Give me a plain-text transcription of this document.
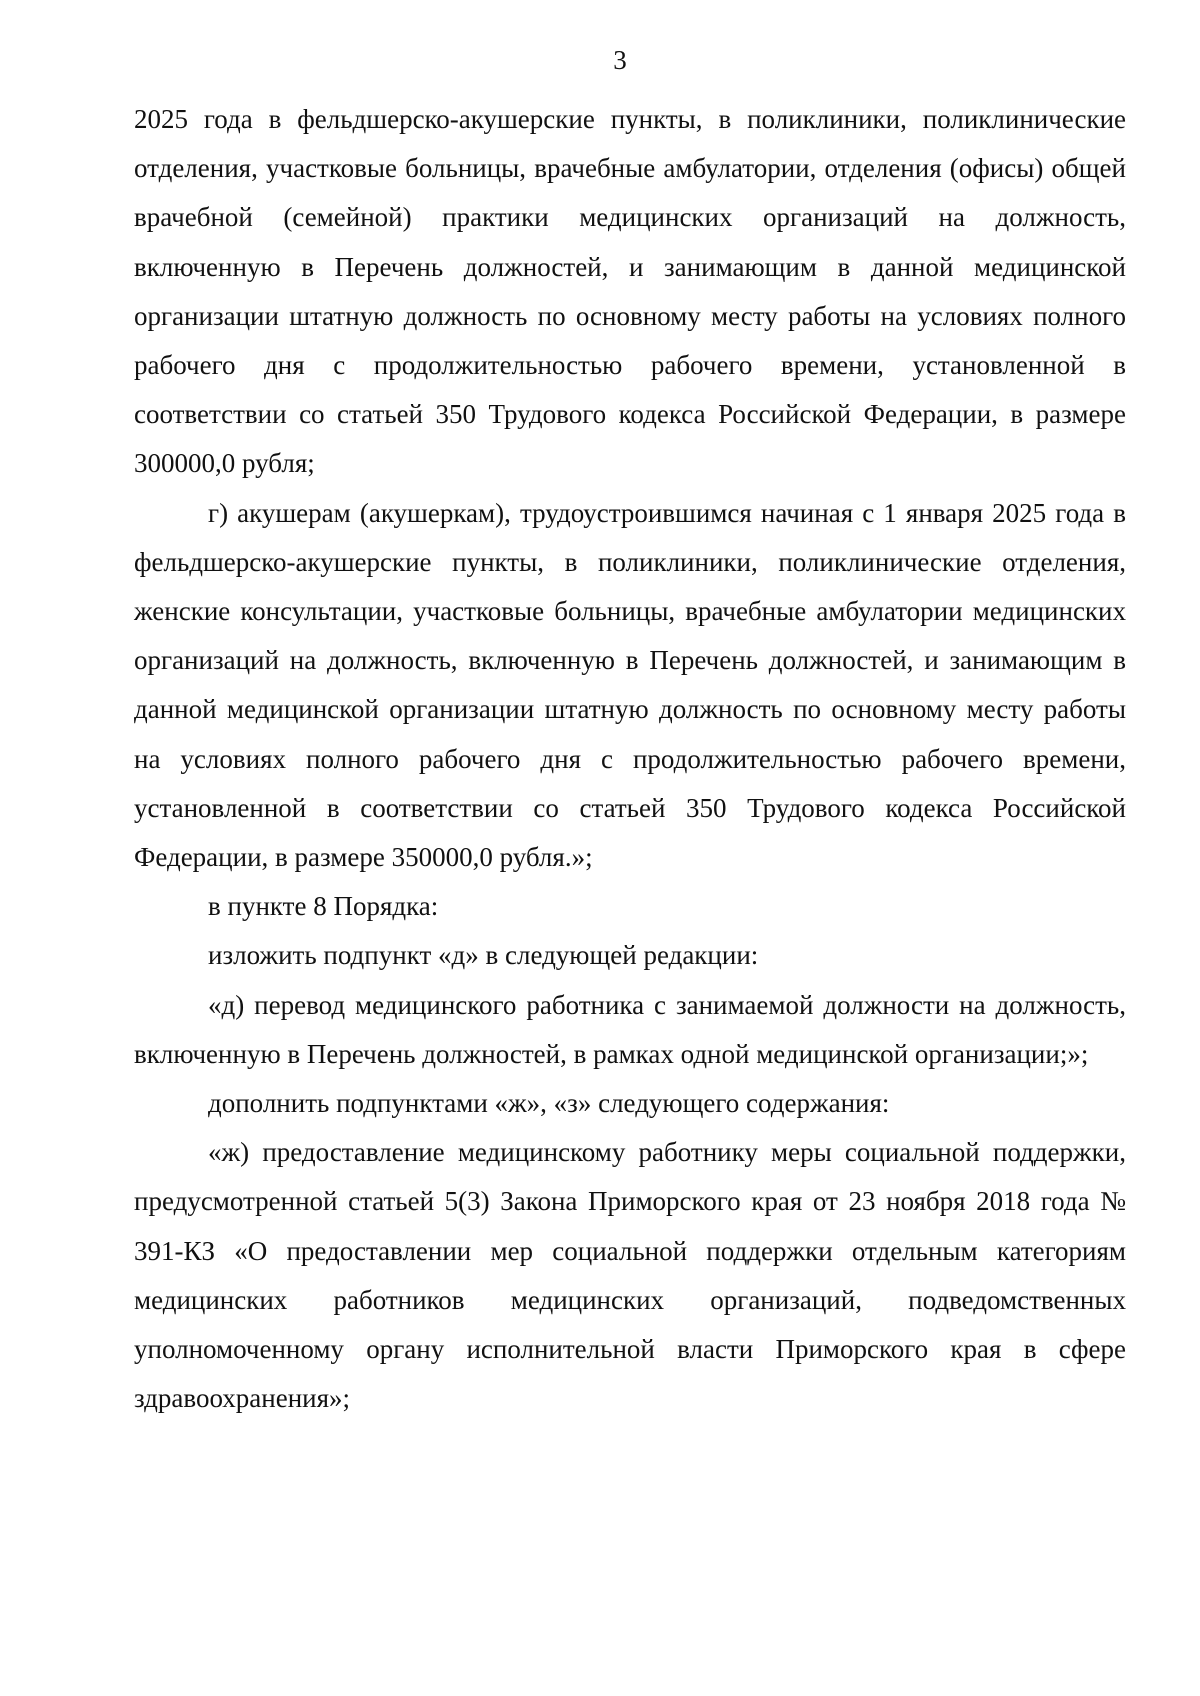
3

2025 года в фельдшерско-акушерские пункты, в поликлиники, поликлинические отделения, участковые больницы, врачебные амбулатории, отделения (офисы) общей врачебной (семейной) практики медицинских организаций на должность, включенную в Перечень должностей, и занимающим в данной медицинской организации штатную должность по основному месту работы на условиях полного рабочего дня с продолжительностью рабочего времени, установленной в соответствии со статьей 350 Трудового кодекса Российской Федерации, в размере 300000,0 рубля;

г) акушерам (акушеркам), трудоустроившимся начиная с 1 января 2025 года в фельдшерско-акушерские пункты, в поликлиники, поликлинические отделения, женские консультации, участковые больницы, врачебные амбулатории медицинских организаций на должность, включенную в Перечень должностей, и занимающим в данной медицинской организации штатную должность по основному месту работы на условиях полного рабочего дня с продолжительностью рабочего времени, установленной в соответствии со статьей 350 Трудового кодекса Российской Федерации, в размере 350000,0 рубля.»;

в пункте 8 Порядка:

изложить подпункт «д» в следующей редакции:

«д) перевод медицинского работника с занимаемой должности на должность, включенную в Перечень должностей, в рамках одной медицинской организации;»;

дополнить подпунктами «ж», «з» следующего содержания:

«ж) предоставление медицинскому работнику меры социальной поддержки, предусмотренной статьей 5(3) Закона Приморского края от 23 ноября 2018 года № 391-КЗ «О предоставлении мер социальной поддержки отдельным категориям медицинских работников медицинских организаций, подведомственных уполномоченному органу исполнительной власти Приморского края в сфере здравоохранения»;
